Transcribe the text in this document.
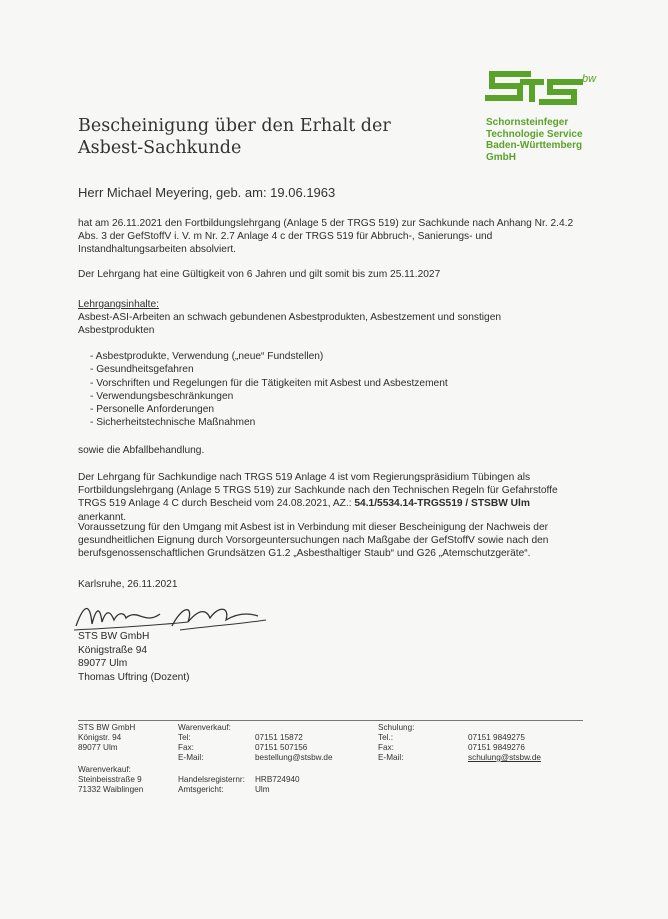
bw
Schornsteinfeger
Technologie Service
Baden-Württemberg
GmbH
Bescheinigung über den Erhalt der
Asbest-Sachkunde
Herr Michael Meyering, geb. am: 19.06.1963
hat am 26.11.2021 den Fortbildungslehrgang (Anlage 5 der TRGS 519) zur Sachkunde nach Anhang Nr. 2.4.2 Abs. 3 der GefStoffV i. V. m Nr. 2.7 Anlage 4 c der TRGS 519 für Abbruch-, Sanierungs- und Instandhaltungsarbeiten absolviert.
Der Lehrgang hat eine Gültigkeit von 6 Jahren und gilt somit bis zum 25.11.2027
Lehrgangsinhalte:
Asbest-ASI-Arbeiten an schwach gebundenen Asbestprodukten, Asbestzement und sonstigen Asbestprodukten
- Asbestprodukte, Verwendung („neue“ Fundstellen)
- Gesundheitsgefahren
- Vorschriften und Regelungen für die Tätigkeiten mit Asbest und Asbestzement
- Verwendungsbeschränkungen
- Personelle Anforderungen
- Sicherheitstechnische Maßnahmen
sowie die Abfallbehandlung.
Der Lehrgang für Sachkundige nach TRGS 519 Anlage 4 ist vom Regierungspräsidium Tübingen als Fortbildungslehrgang (Anlage 5 TRGS 519) zur Sachkunde nach den Technischen Regeln für Gefahrstoffe TRGS 519 Anlage 4 C durch Bescheid vom 24.08.2021, AZ.: 54.1/5534.14-TRGS519 / STSBW Ulm
anerkannt.
Voraussetzung für den Umgang mit Asbest ist in Verbindung mit dieser Bescheinigung der Nachweis der gesundheitlichen Eignung durch Vorsorgeuntersuchungen nach Maßgabe der GefStoffV sowie nach den berufsgenossenschaftlichen Grundsätzen G1.2 „Asbesthaltiger Staub“ und G26 „Atemschutzgeräte“.
Karlsruhe, 26.11.2021
STS BW GmbH
Königstraße 94
89077 Ulm
Thomas Uftring (Dozent)
STS BW GmbH
Königstr. 94
89077 Ulm
Warenverkauf:
Steinbeisstraße 9
71332 Waiblingen
Warenverkauf:
Tel:
Fax:
E-Mail:
07151 15872
07151 507156
bestellung@stsbw.de
Handelsregisternr:
Amtsgericht:
HRB724940
Ulm
Schulung:
Tel.:
Fax:
E-Mail:
07151 9849275
07151 9849276
schulung@stsbw.de
